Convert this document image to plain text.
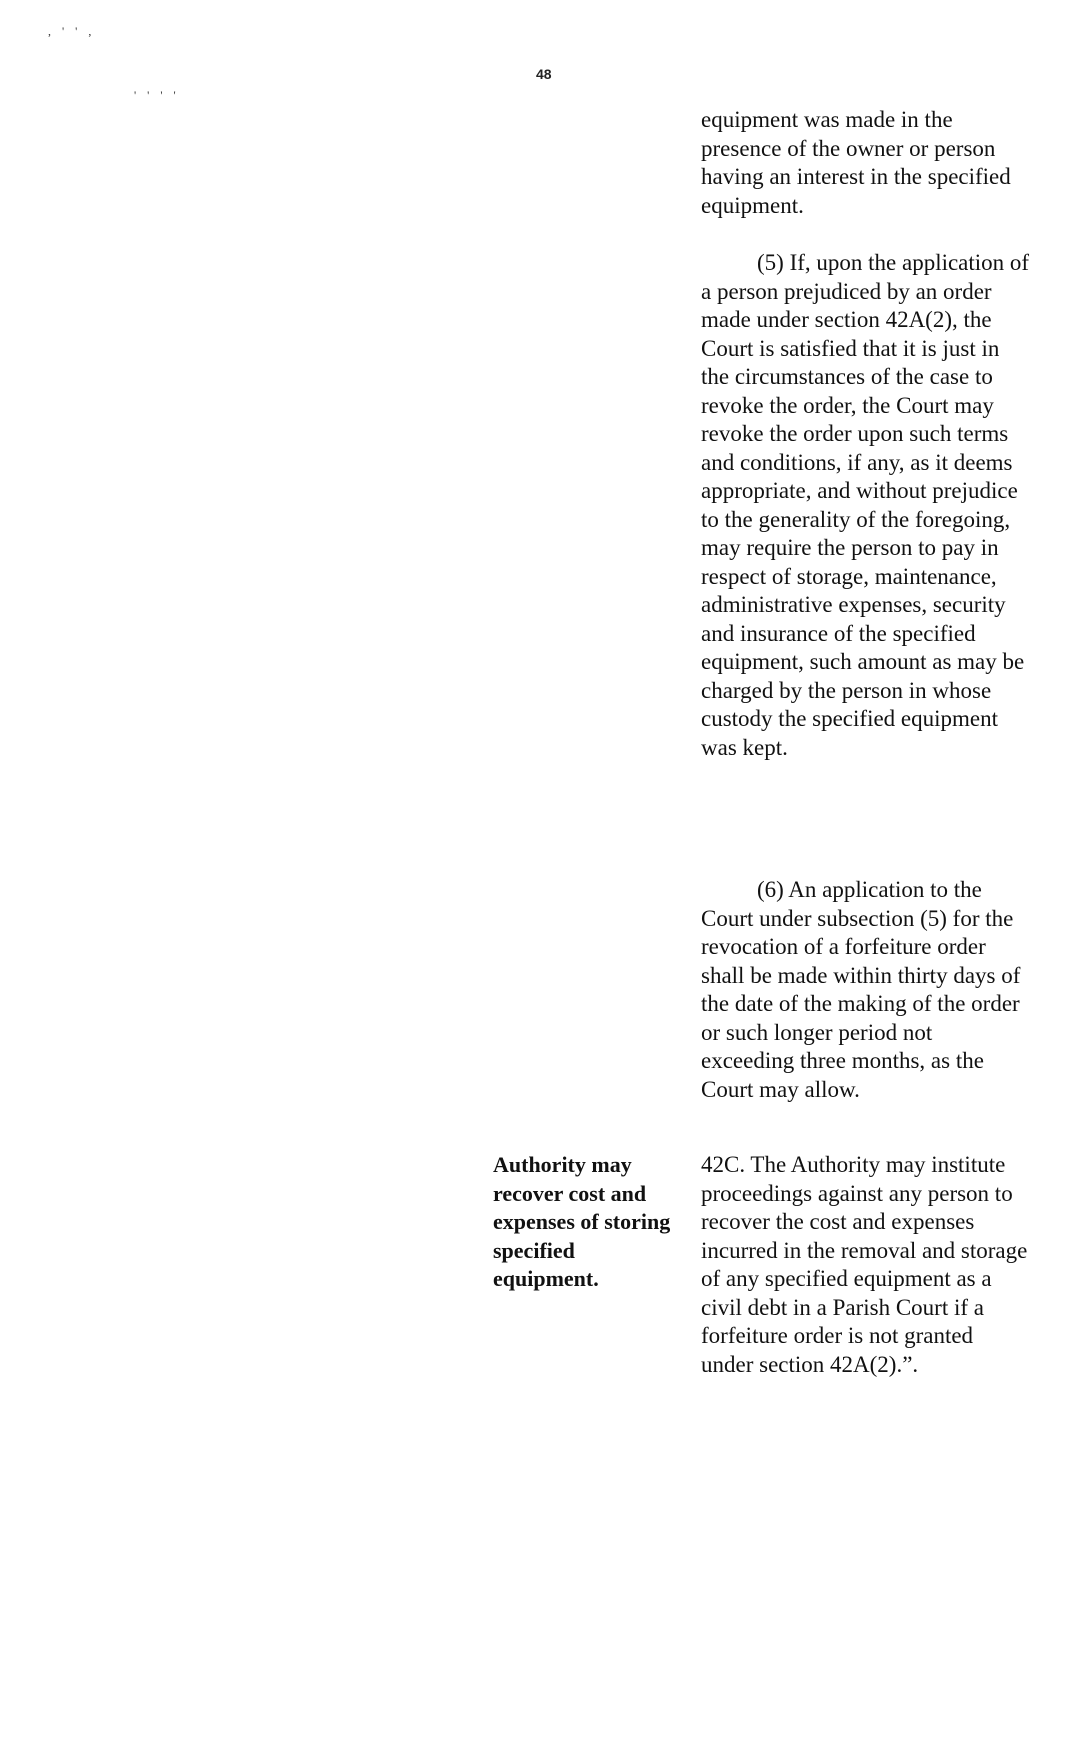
, ' ' ,
' ' ' '
48

equipment was made in the presence of the owner or person having an interest in the specified equipment.

(5) If, upon the application of a person prejudiced by an order made under section 42A(2), the Court is satisfied that it is just in the circumstances of the case to revoke the order, the Court may revoke the order upon such terms and conditions, if any, as it deems appropriate, and without prejudice to the generality of the foregoing, may require the person to pay in respect of storage, maintenance, administrative expenses, security and insurance of the specified equipment, such amount as may be charged by the person in whose custody the specified equipment was kept.

(6) An application to the Court under subsection (5) for the revocation of a forfeiture order shall be made within thirty days of the date of the making of the order or such longer period not exceeding three months, as the Court may allow.

Authority may recover cost and expenses of storing specified equipment.

42C. The Authority may institute proceedings against any person to recover the cost and expenses incurred in the removal and storage of any specified equipment as a civil debt in a Parish Court if a forfeiture order is not granted under section 42A(2).”.
